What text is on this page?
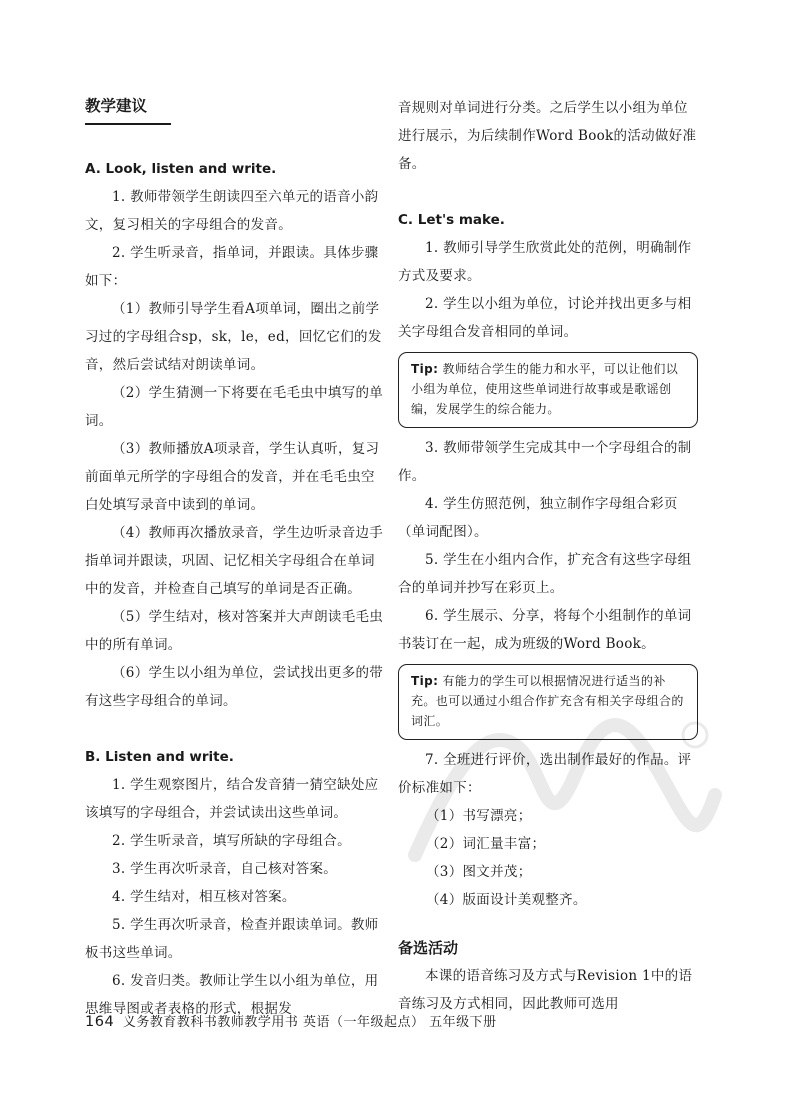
教学建议

A. Look, listen and write.

1. 教师带领学生朗读四至六单元的语音小韵文，复习相关的字母组合的发音。

2. 学生听录音，指单词，并跟读。具体步骤如下：

（1）教师引导学生看A项单词，圈出之前学习过的字母组合sp，sk，le，ed，回忆它们的发音，然后尝试结对朗读单词。

（2）学生猜测一下将要在毛毛虫中填写的单词。

（3）教师播放A项录音，学生认真听，复习前面单元所学的字母组合的发音，并在毛毛虫空白处填写录音中读到的单词。

（4）教师再次播放录音，学生边听录音边手指单词并跟读，巩固、记忆相关字母组合在单词中的发音，并检查自己填写的单词是否正确。

（5）学生结对，核对答案并大声朗读毛毛虫中的所有单词。

（6）学生以小组为单位，尝试找出更多的带有这些字母组合的单词。

B. Listen and write.

1. 学生观察图片，结合发音猜一猜空缺处应该填写的字母组合，并尝试读出这些单词。

2. 学生听录音，填写所缺的字母组合。

3. 学生再次听录音，自己核对答案。

4. 学生结对，相互核对答案。

5. 学生再次听录音，检查并跟读单词。教师板书这些单词。

6. 发音归类。教师让学生以小组为单位，用思维导图或者表格的形式，根据发

音规则对单词进行分类。之后学生以小组为单位进行展示，为后续制作Word Book的活动做好准备。

C. Let's make.

1. 教师引导学生欣赏此处的范例，明确制作方式及要求。

2. 学生以小组为单位，讨论并找出更多与相关字母组合发音相同的单词。

Tip: 教师结合学生的能力和水平，可以让他们以小组为单位，使用这些单词进行故事或是歌谣创编，发展学生的综合能力。

3. 教师带领学生完成其中一个字母组合的制作。

4. 学生仿照范例，独立制作字母组合彩页（单词配图）。

5. 学生在小组内合作，扩充含有这些字母组合的单词并抄写在彩页上。

6. 学生展示、分享，将每个小组制作的单词书装订在一起，成为班级的Word Book。

Tip: 有能力的学生可以根据情况进行适当的补充。也可以通过小组合作扩充含有相关字母组合的词汇。

7. 全班进行评价，选出制作最好的作品。评价标准如下：

（1）书写漂亮；

（2）词汇量丰富；

（3）图文并茂；

（4）版面设计美观整齐。

备选活动

本课的语音练习及方式与Revision 1中的语音练习及方式相同，因此教师可选用

164 义务教育教科书教师教学用书 英语（一年级起点） 五年级下册
